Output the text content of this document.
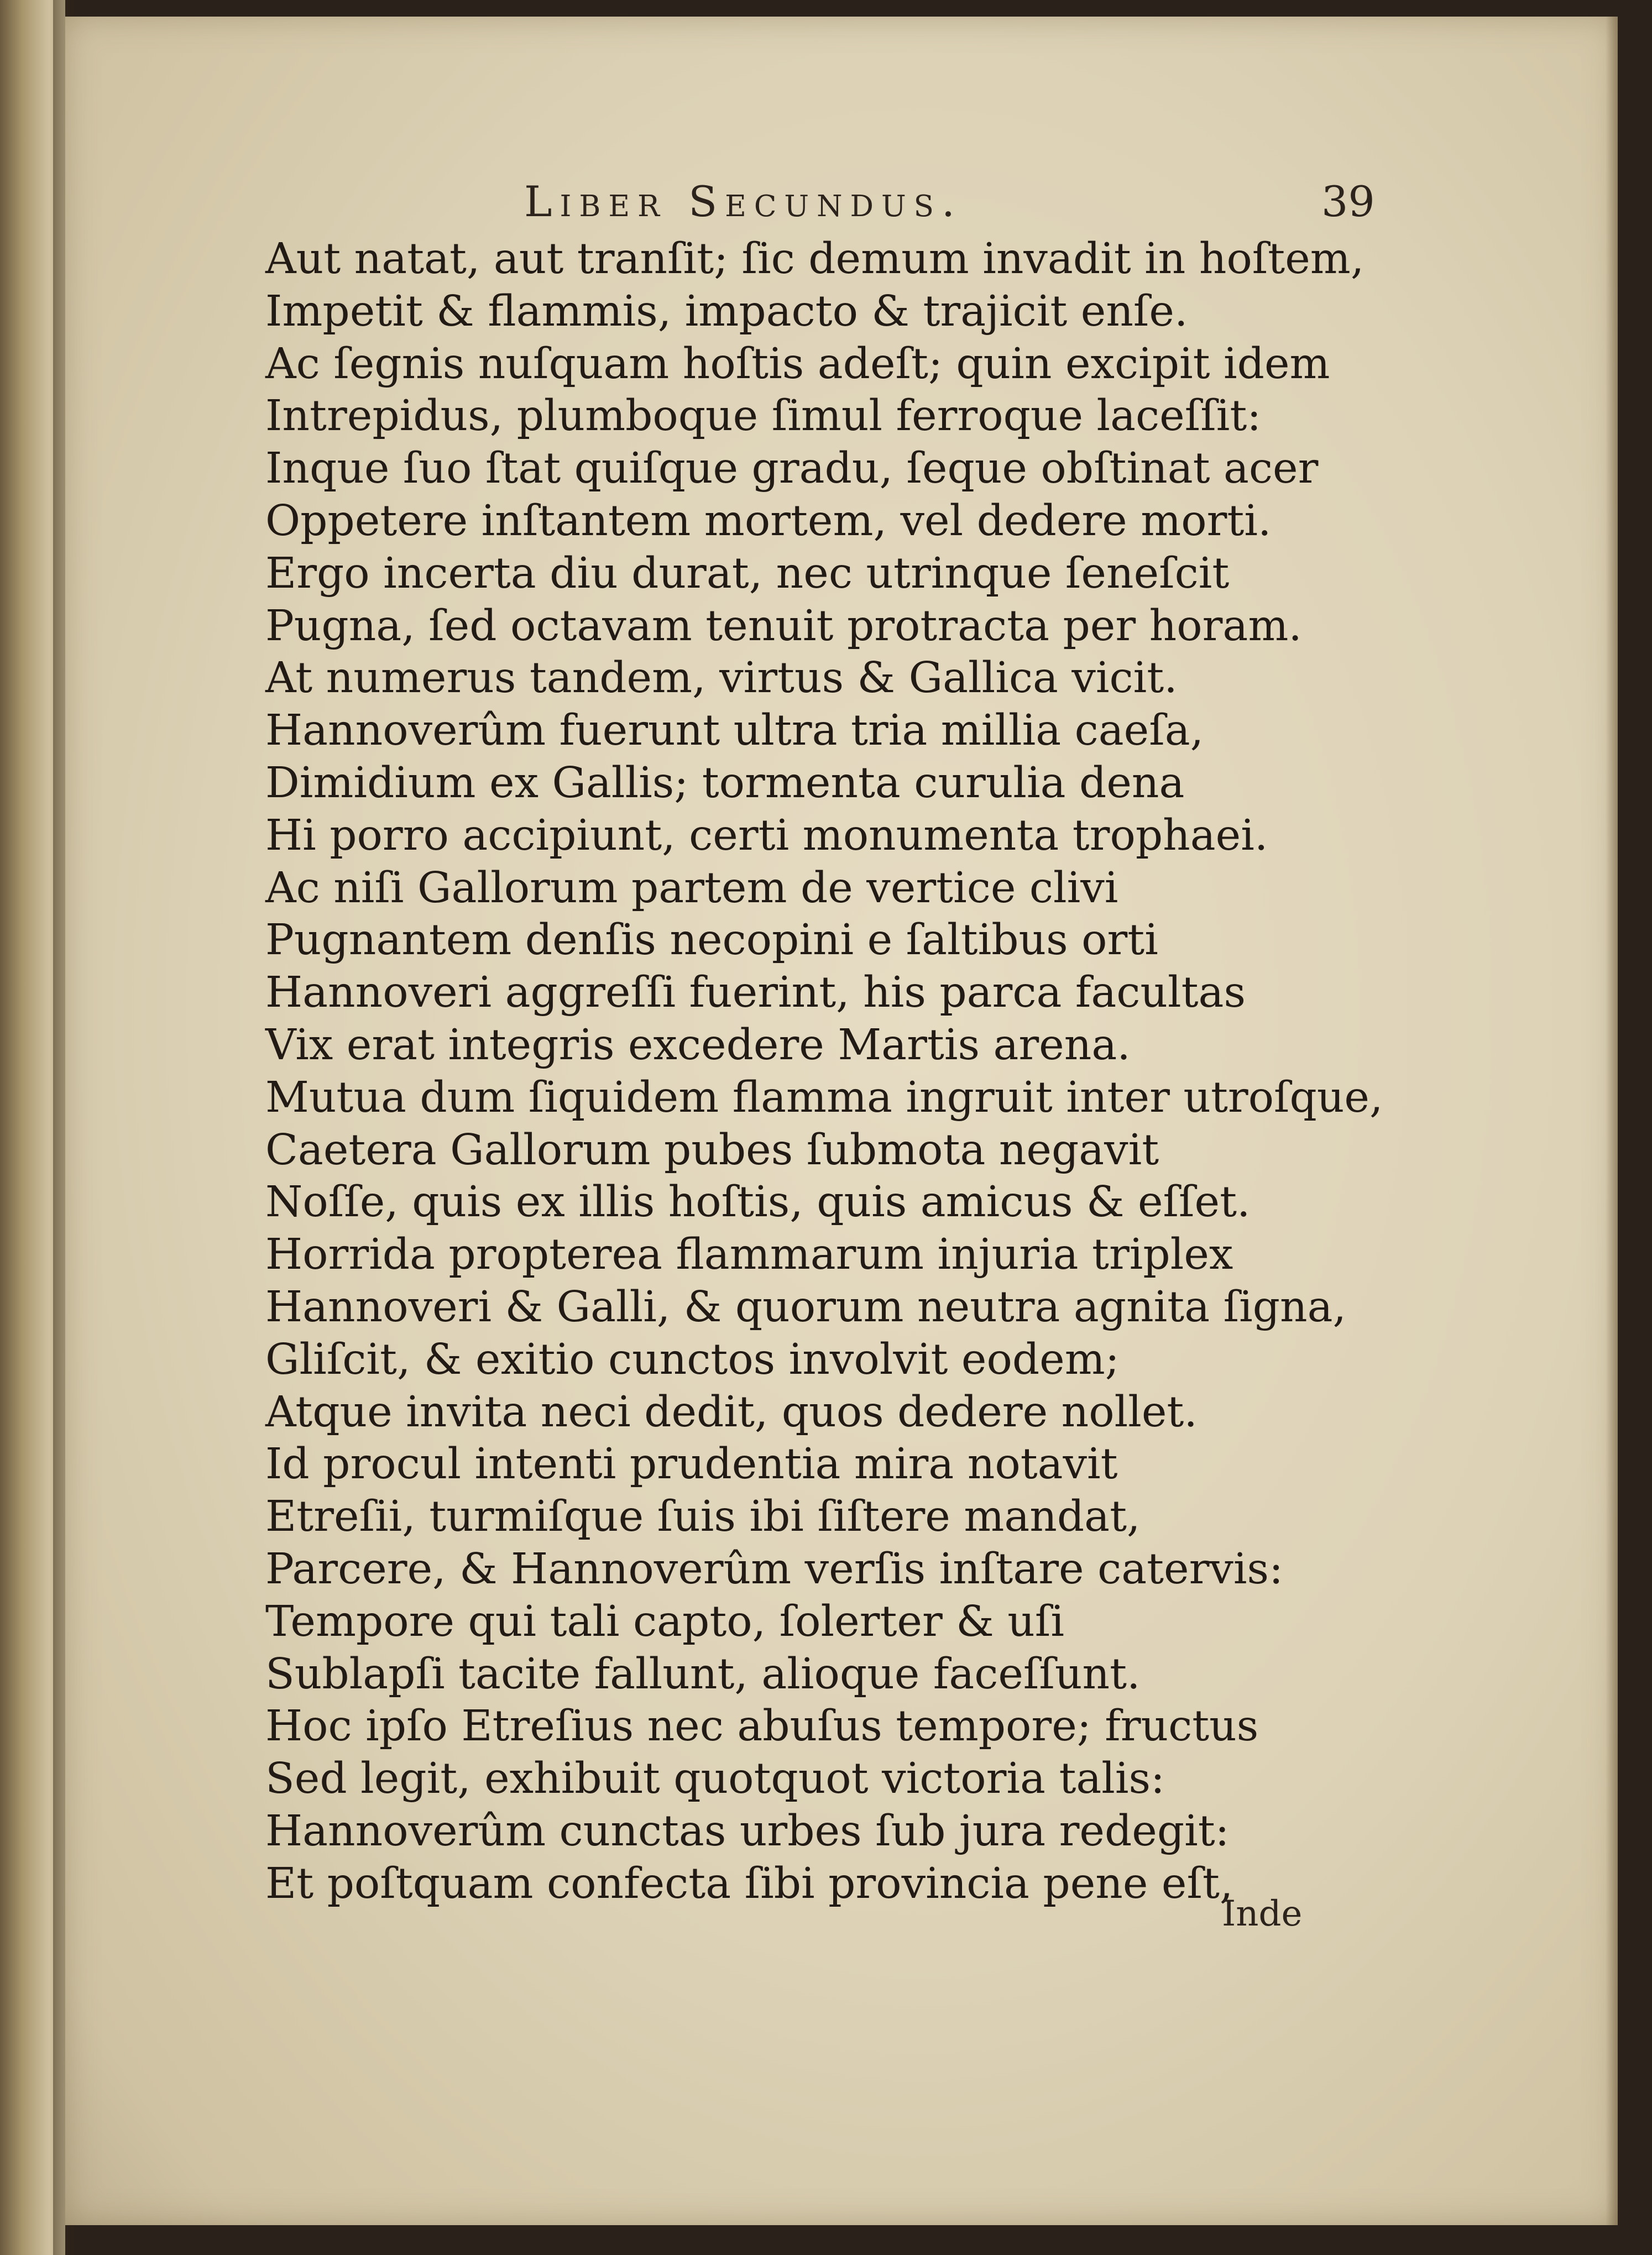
Liber Secundus.	39
Aut natat, aut tranſit; ſic demum invadit in hoſtem,
Impetit & flammis, impacto & trajicit enſe.
Ac ſegnis nuſquam hoſtis adeſt; quin excipit idem
Intrepidus, plumboque ſimul ferroque laceſſit:
Inque ſuo ſtat quiſque gradu, ſeque obſtinat acer
Oppetere inſtantem mortem, vel dedere morti.
Ergo incerta diu durat, nec utrinque ſeneſcit
Pugna, ſed octavam tenuit protracta per horam.
At numerus tandem, virtus & Gallica vicit.
Hannoverûm fuerunt ultra tria millia caeſa,
Dimidium ex Gallis; tormenta curulia dena
Hi porro accipiunt, certi monumenta trophaei.
Ac niſi Gallorum partem de vertice clivi
Pugnantem denſis necopini e ſaltibus orti
Hannoveri aggreſſi fuerint, his parca facultas
Vix erat integris excedere Martis arena.
Mutua dum ſiquidem flamma ingruit inter utroſque,
Caetera Gallorum pubes ſubmota negavit
Noſſe, quis ex illis hoſtis, quis amicus & eſſet.
Horrida propterea flammarum injuria triplex
Hannoveri & Galli, & quorum neutra agnita ſigna,
Gliſcit, & exitio cunctos involvit eodem;
Atque invita neci dedit, quos dedere nollet.
Id procul intenti prudentia mira notavit
Etreſii, turmiſque ſuis ibi ſiſtere mandat,
Parcere, & Hannoverûm verſis inſtare catervis:
Tempore qui tali capto, ſolerter & uſi
Sublapſi tacite fallunt, alioque faceſſunt.
Hoc ipſo Etreſius nec abuſus tempore; fructus
Sed legit, exhibuit quotquot victoria talis:
Hannoverûm cunctas urbes ſub jura redegit:
Et poſtquam confecta ſibi provincia pene eſt,
Inde
